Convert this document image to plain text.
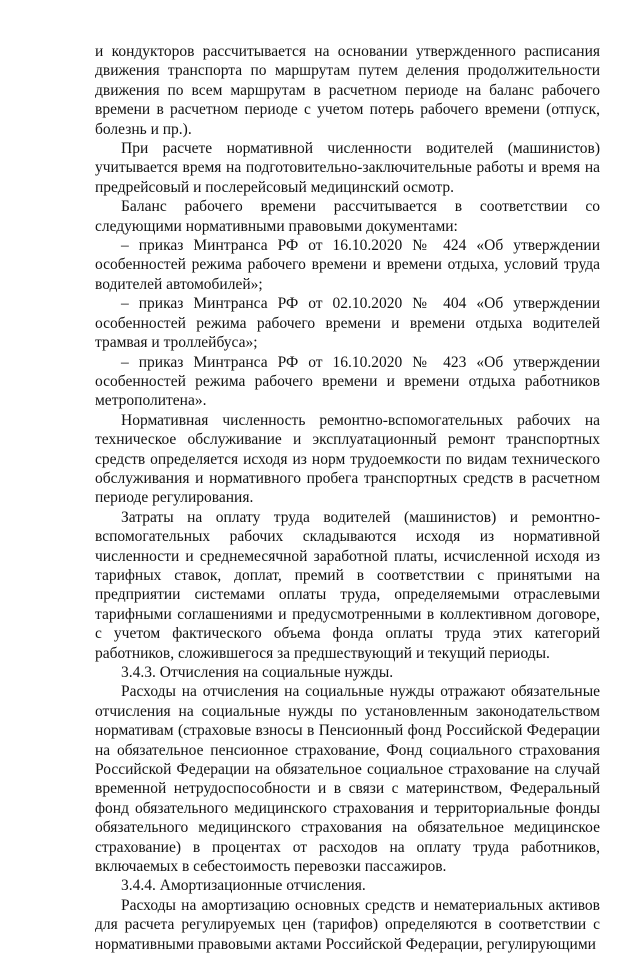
и кондукторов рассчитывается на основании утвержденного расписания движения транспорта по маршрутам путем деления продолжительности движения по всем маршрутам в расчетном периоде на баланс рабочего времени в расчетном периоде с учетом потерь рабочего времени (отпуск, болезнь и пр.).

При расчете нормативной численности водителей (машинистов) учитывается время на подготовительно-заключительные работы и время на предрейсовый и послерейсовый медицинский осмотр.

Баланс рабочего времени рассчитывается в соответствии со следующими нормативными правовыми документами:

– приказ Минтранса РФ от 16.10.2020 № 424 «Об утверждении особенностей режима рабочего времени и времени отдыха, условий труда водителей автомобилей»;

– приказ Минтранса РФ от 02.10.2020 № 404 «Об утверждении особенностей режима рабочего времени и времени отдыха водителей трамвая и троллейбуса»;

– приказ Минтранса РФ от 16.10.2020 № 423 «Об утверждении особенностей режима рабочего времени и времени отдыха работников метрополитена».

Нормативная численность ремонтно-вспомогательных рабочих на техническое обслуживание и эксплуатационный ремонт транспортных средств определяется исходя из норм трудоемкости по видам технического обслуживания и нормативного пробега транспортных средств в расчетном периоде регулирования.

Затраты на оплату труда водителей (машинистов) и ремонтно-вспомогательных рабочих складываются исходя из нормативной численности и среднемесячной заработной платы, исчисленной исходя из тарифных ставок, доплат, премий в соответствии с принятыми на предприятии системами оплаты труда, определяемыми отраслевыми тарифными соглашениями и предусмотренными в коллективном договоре, с учетом фактического объема фонда оплаты труда этих категорий работников, сложившегося за предшествующий и текущий периоды.

3.4.3. Отчисления на социальные нужды.

Расходы на отчисления на социальные нужды отражают обязательные отчисления на социальные нужды по установленным законодательством нормативам (страховые взносы в Пенсионный фонд Российской Федерации на обязательное пенсионное страхование, Фонд социального страхования Российской Федерации на обязательное социальное страхование на случай временной нетрудоспособности и в связи с материнством, Федеральный фонд обязательного медицинского страхования и территориальные фонды обязательного медицинского страхования на обязательное медицинское страхование) в процентах от расходов на оплату труда работников, включаемых в себестоимость перевозки пассажиров.

3.4.4. Амортизационные отчисления.

Расходы на амортизацию основных средств и нематериальных активов для расчета регулируемых цен (тарифов) определяются в соответствии с нормативными правовыми актами Российской Федерации, регулирующими
